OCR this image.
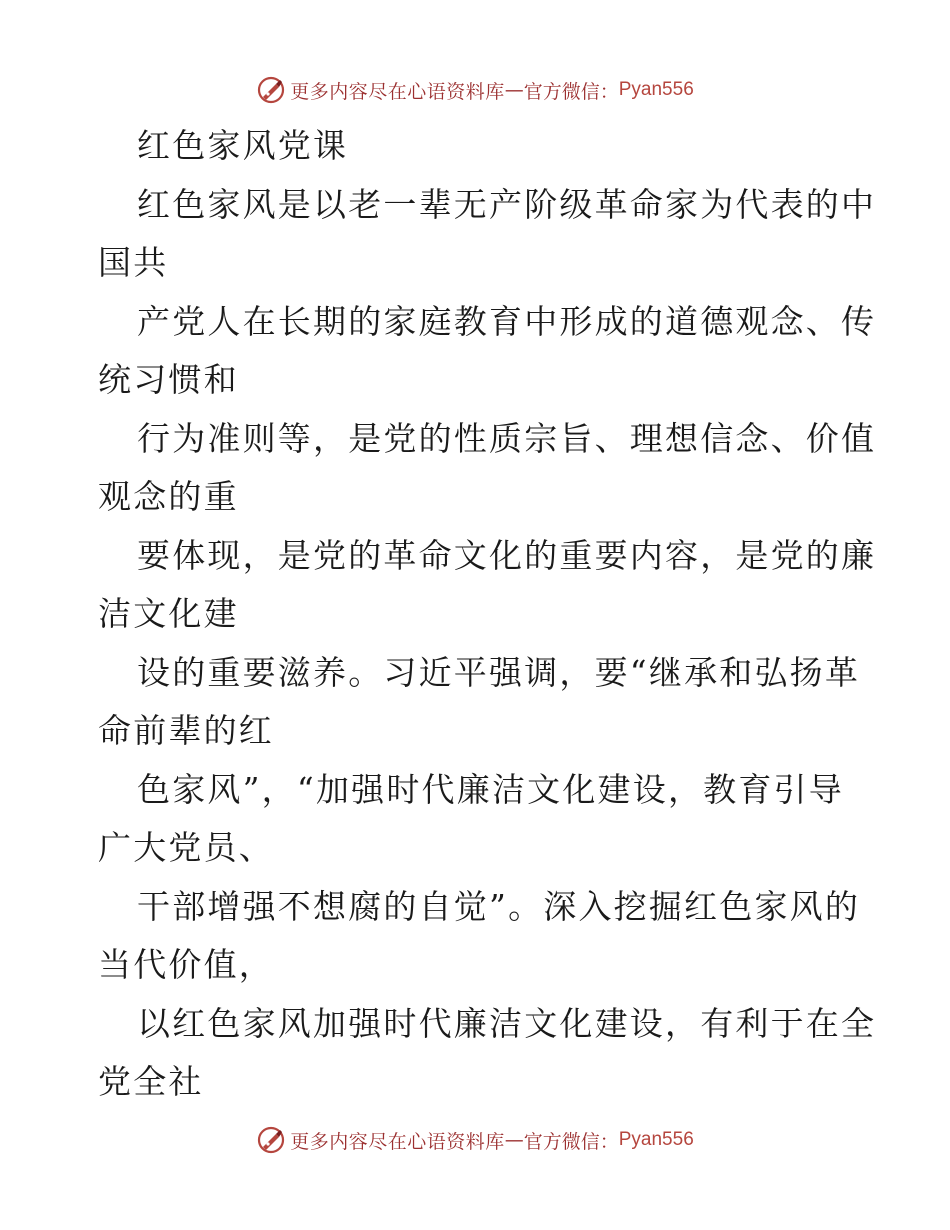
更多内容尽在心语资料库 — 官方微信： Pyan556
红色家风党课
红色家风是以老一辈无产阶级革命家为代表的中
国共
产党人在长期的家庭教育中形成的道德观念、传
统习惯和
行为准则等，是党的性质宗旨、理想信念、价值
观念的重
要体现，是党的革命文化的重要内容，是党的廉
洁文化建
设的重要滋养。习近平强调，要“继承和弘扬革
命前辈的红
色家风”，“加强时代廉洁文化建设，教育引导
广大党员、
干部增强不想腐的自觉”。深入挖掘红色家风的
当代价值，
以红色家风加强时代廉洁文化建设，有利于在全
党全社
更多内容尽在心语资料库 — 官方微信： Pyan556
